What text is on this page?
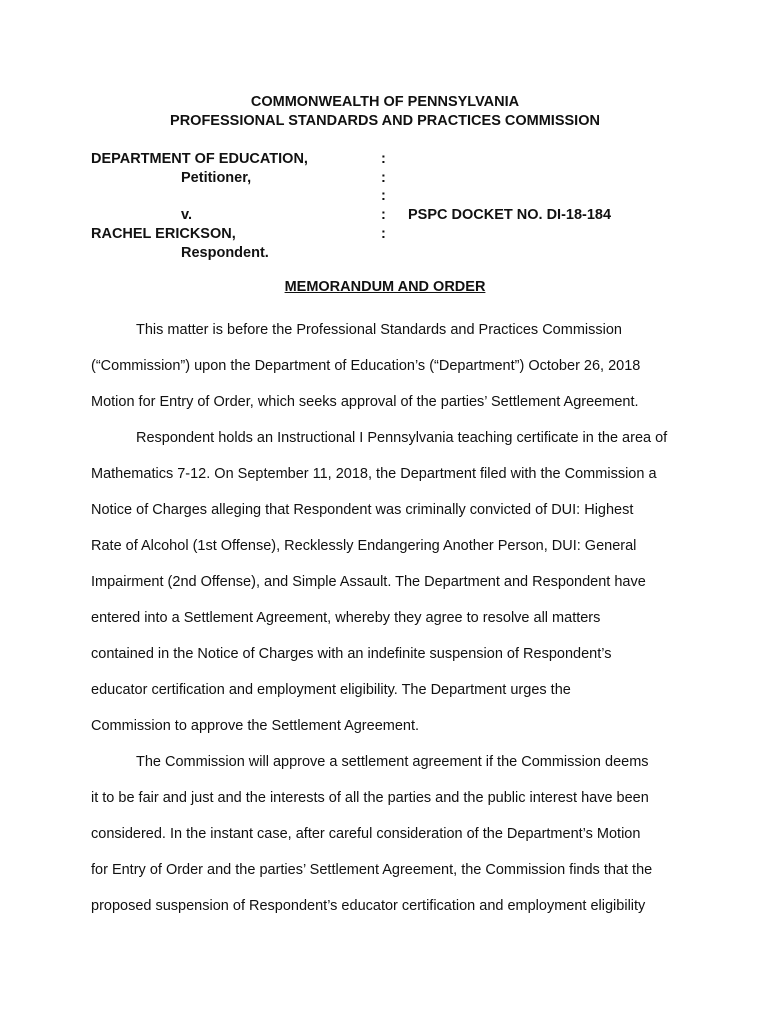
COMMONWEALTH OF PENNSYLVANIA
PROFESSIONAL STANDARDS AND PRACTICES COMMISSION
DEPARTMENT OF EDUCATION,
Petitioner,
v.
RACHEL ERICKSON,
Respondent.
:
:
:
:
:
PSPC DOCKET NO. DI-18-184
MEMORANDUM AND ORDER

This matter is before the Professional Standards and Practices Commission
(“Commission”) upon the Department of Education’s (“Department”) October 26, 2018
Motion for Entry of Order, which seeks approval of the parties’ Settlement Agreement.

Respondent holds an Instructional I Pennsylvania teaching certificate in the area of
Mathematics 7-12. On September 11, 2018, the Department filed with the Commission a
Notice of Charges alleging that Respondent was criminally convicted of DUI: Highest
Rate of Alcohol (1st Offense), Recklessly Endangering Another Person, DUI: General
Impairment (2nd Offense), and Simple Assault. The Department and Respondent have
entered into a Settlement Agreement, whereby they agree to resolve all matters
contained in the Notice of Charges with an indefinite suspension of Respondent’s
educator certification and employment eligibility. The Department urges the
Commission to approve the Settlement Agreement.

The Commission will approve a settlement agreement if the Commission deems
it to be fair and just and the interests of all the parties and the public interest have been
considered. In the instant case, after careful consideration of the Department’s Motion
for Entry of Order and the parties’ Settlement Agreement, the Commission finds that the
proposed suspension of Respondent’s educator certification and employment eligibility
